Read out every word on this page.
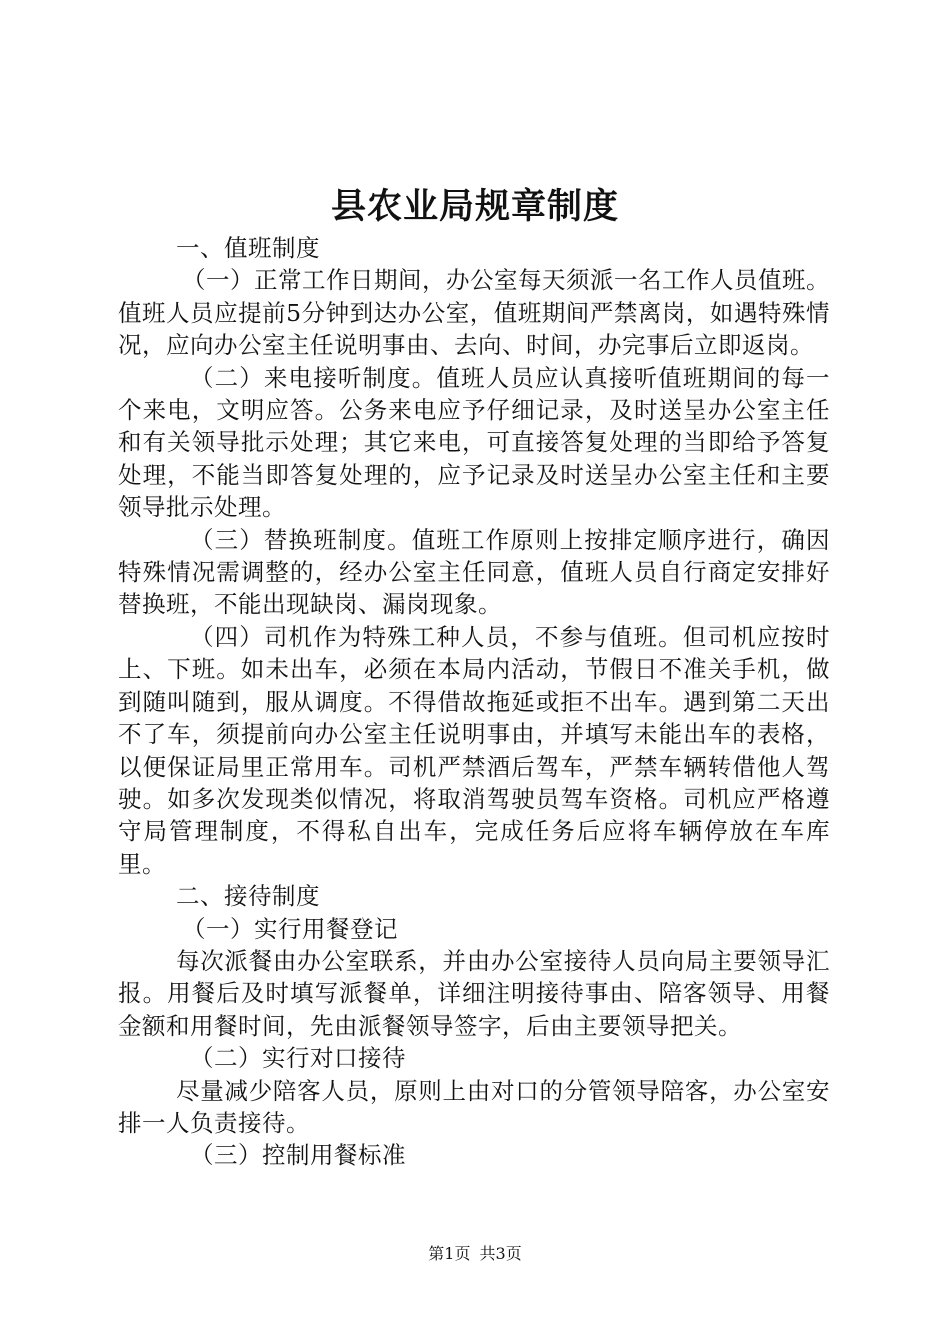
县农业局规章制度

一、值班制度

（一）正常工作日期间，办公室每天须派一名工作人员值班。值班人员应提前5分钟到达办公室，值班期间严禁离岗，如遇特殊情况，应向办公室主任说明事由、去向、时间，办完事后立即返岗。

（二）来电接听制度。值班人员应认真接听值班期间的每一个来电，文明应答。公务来电应予仔细记录，及时送呈办公室主任和有关领导批示处理；其它来电，可直接答复处理的当即给予答复处理，不能当即答复处理的，应予记录及时送呈办公室主任和主要领导批示处理。

（三）替换班制度。值班工作原则上按排定顺序进行，确因特殊情况需调整的，经办公室主任同意，值班人员自行商定安排好替换班，不能出现缺岗、漏岗现象。

（四）司机作为特殊工种人员，不参与值班。但司机应按时上、下班。如未出车，必须在本局内活动，节假日不准关手机，做到随叫随到，服从调度。不得借故拖延或拒不出车。遇到第二天出不了车，须提前向办公室主任说明事由，并填写未能出车的表格，以便保证局里正常用车。司机严禁酒后驾车，严禁车辆转借他人驾驶。如多次发现类似情况，将取消驾驶员驾车资格。司机应严格遵守局管理制度，不得私自出车，完成任务后应将车辆停放在车库里。

二、接待制度

（一）实行用餐登记

每次派餐由办公室联系，并由办公室接待人员向局主要领导汇报。用餐后及时填写派餐单，详细注明接待事由、陪客领导、用餐金额和用餐时间，先由派餐领导签字，后由主要领导把关。

（二）实行对口接待

尽量减少陪客人员，原则上由对口的分管领导陪客，办公室安排一人负责接待。

（三）控制用餐标准

第1页 共3页
